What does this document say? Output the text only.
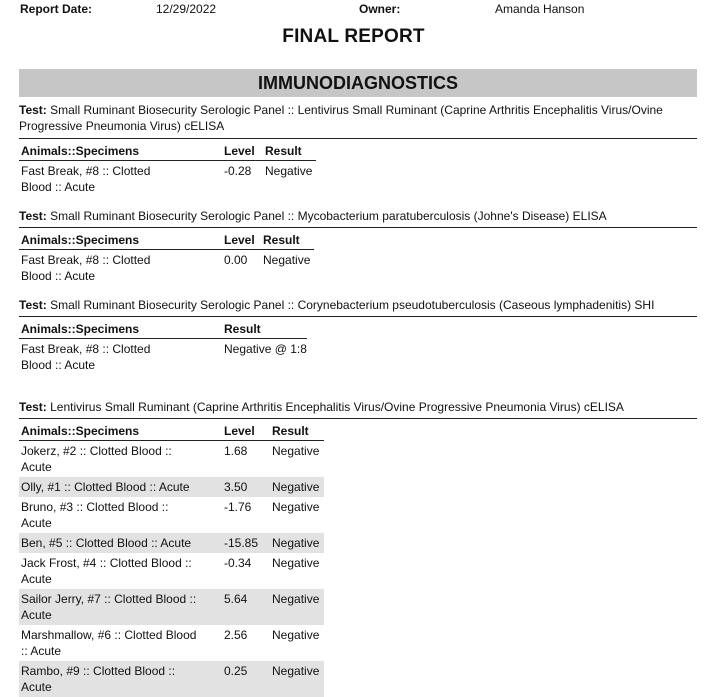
Report Date:	12/29/2022	Owner:	Amanda Hanson
FINAL REPORT
IMMUNODIAGNOSTICS
Test: Small Ruminant Biosecurity Serologic Panel :: Lentivirus Small Ruminant (Caprine Arthritis Encephalitis Virus/Ovine Progressive Pneumonia Virus) cELISA
Animals::Specimens	Level	Result
Fast Break, #8 :: Clotted Blood :: Acute	-0.28	Negative
Test: Small Ruminant Biosecurity Serologic Panel :: Mycobacterium paratuberculosis (Johne's Disease) ELISA
Animals::Specimens	Level	Result
Fast Break, #8 :: Clotted Blood :: Acute	0.00	Negative
Test: Small Ruminant Biosecurity Serologic Panel :: Corynebacterium pseudotuberculosis (Caseous lymphadenitis) SHI
Animals::Specimens	Result
Fast Break, #8 :: Clotted Blood :: Acute	Negative @ 1:8
Test: Lentivirus Small Ruminant (Caprine Arthritis Encephalitis Virus/Ovine Progressive Pneumonia Virus) cELISA
Animals::Specimens	Level	Result
Jokerz, #2 :: Clotted Blood :: Acute	1.68	Negative
Olly, #1 :: Clotted Blood :: Acute	3.50	Negative
Bruno, #3 :: Clotted Blood :: Acute	-1.76	Negative
Ben, #5 :: Clotted Blood :: Acute	-15.85	Negative
Jack Frost, #4 :: Clotted Blood :: Acute	-0.34	Negative
Sailor Jerry, #7 :: Clotted Blood :: Acute	5.64	Negative
Marshmallow, #6 :: Clotted Blood :: Acute	2.56	Negative
Rambo, #9 :: Clotted Blood :: Acute	0.25	Negative
